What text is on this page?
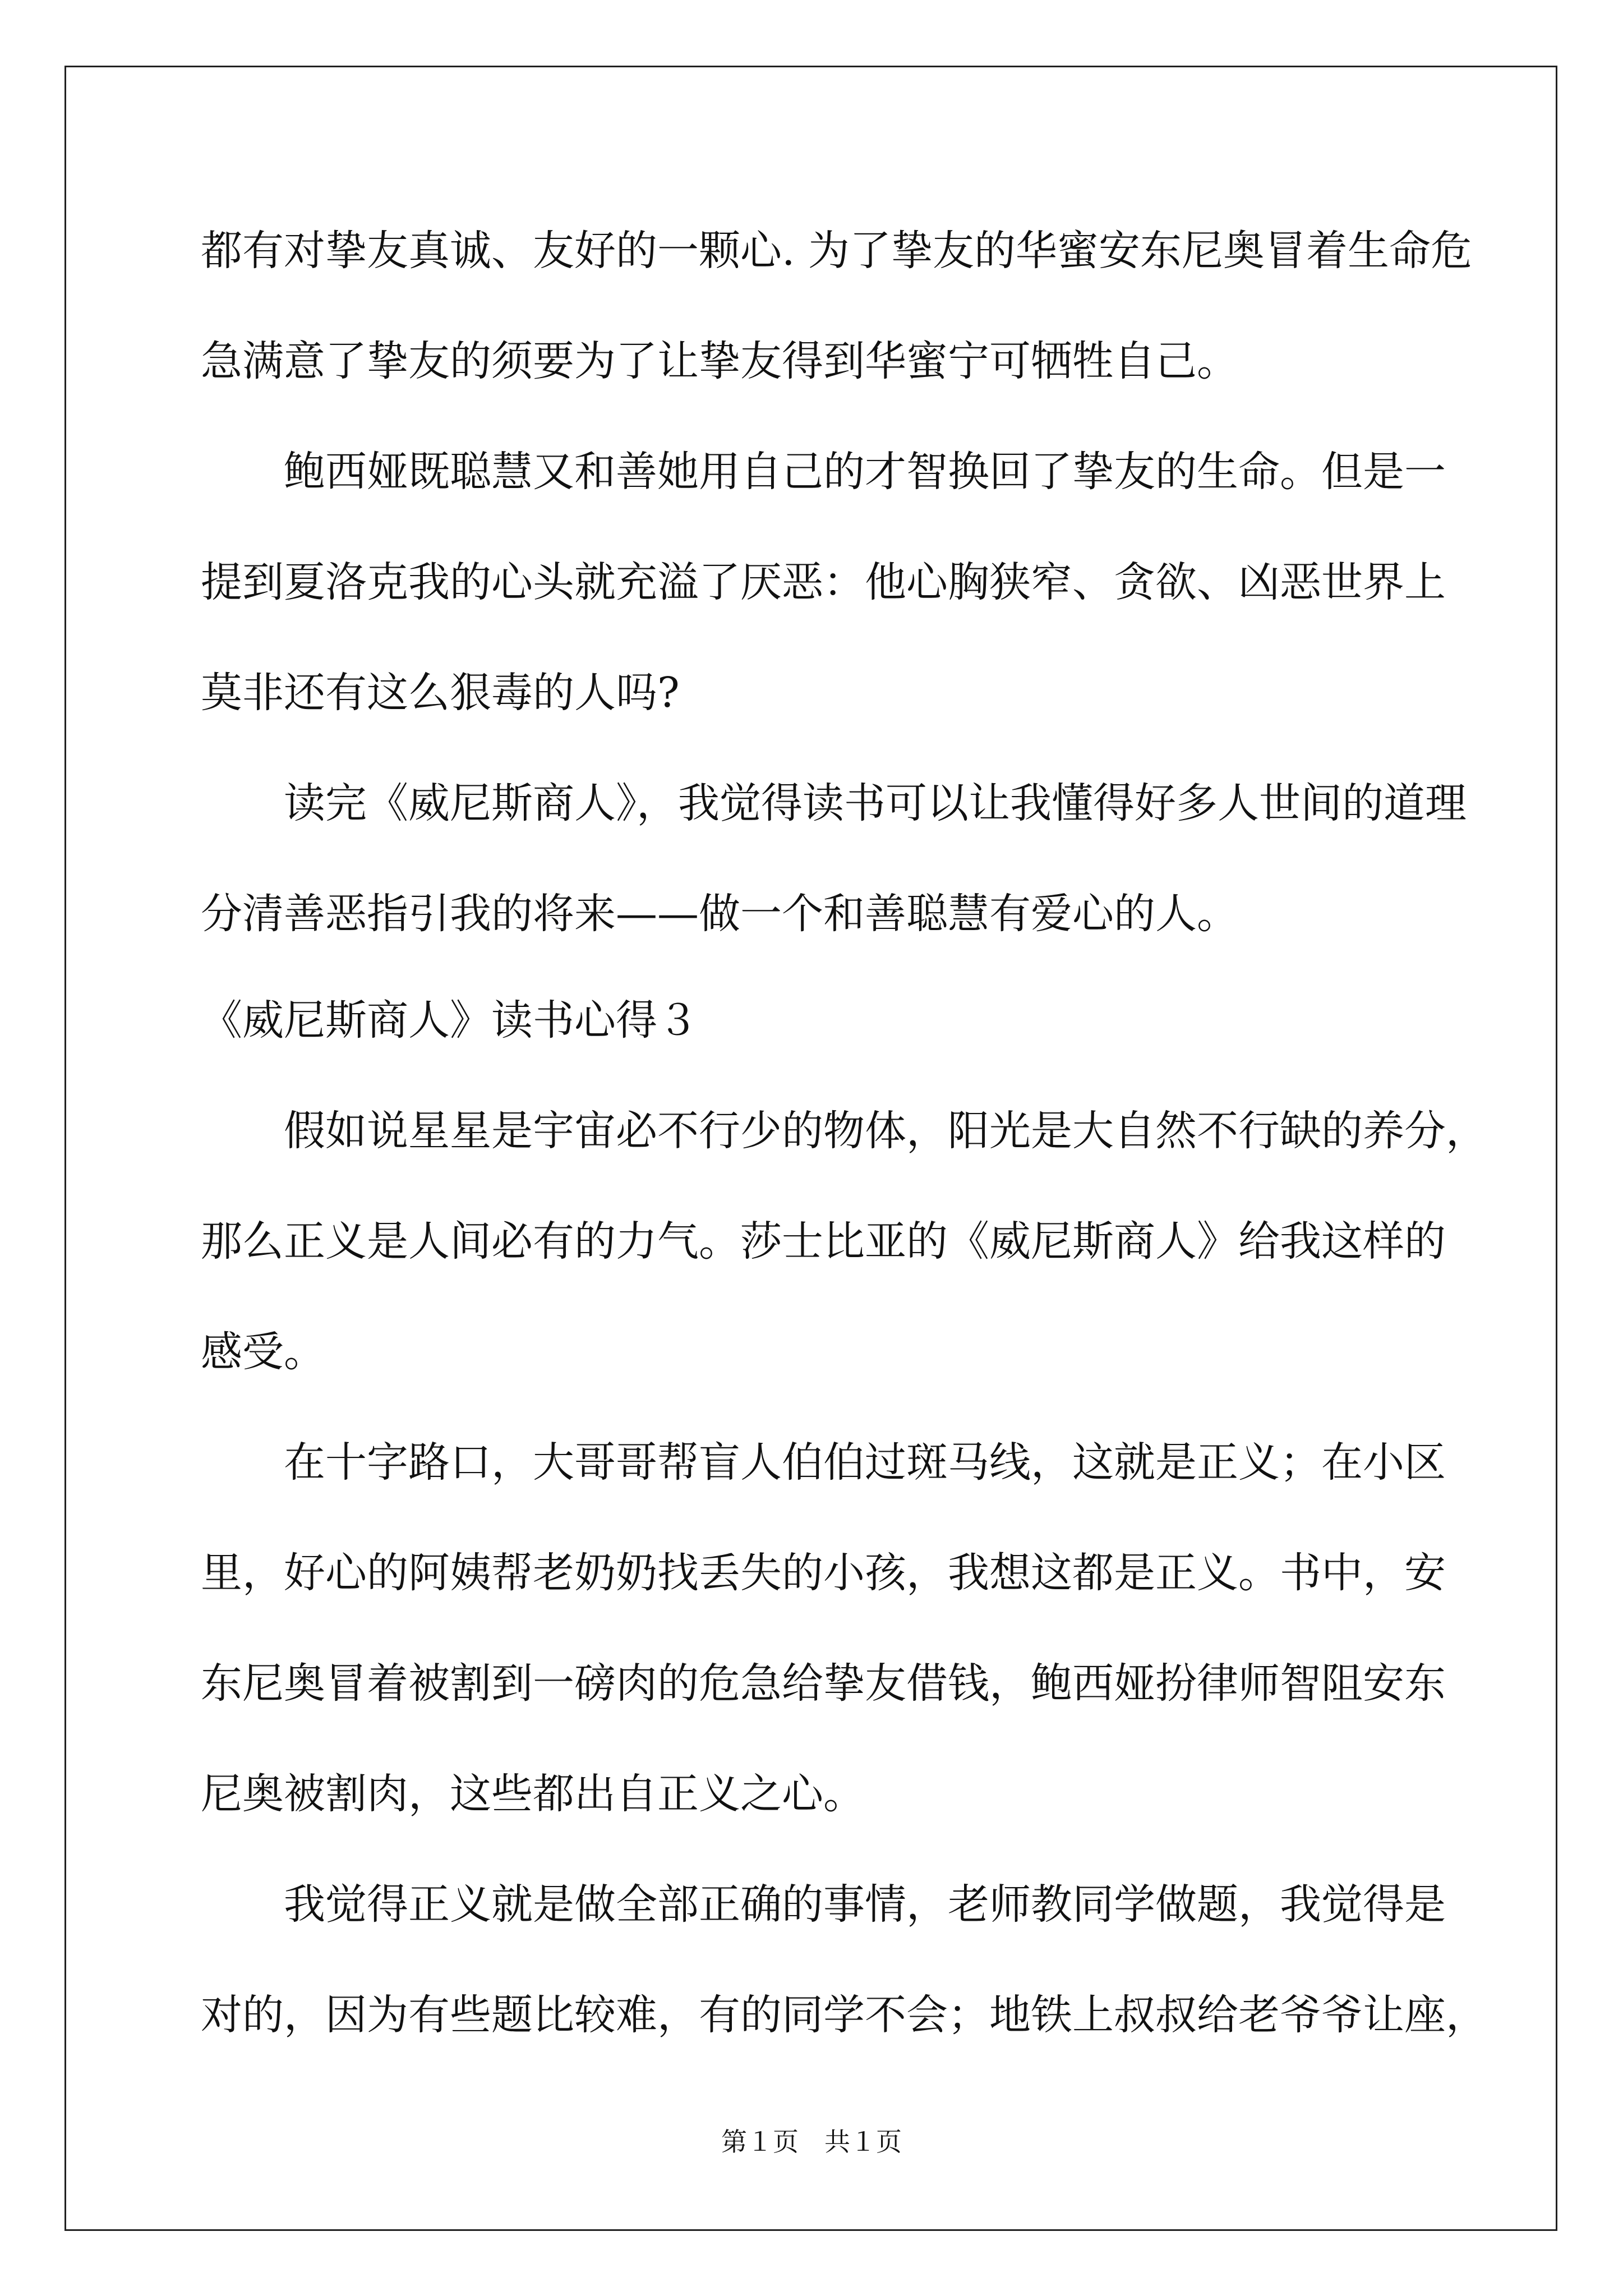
都有对挚友真诚、友好的一颗心. 为了挚友的华蜜安东尼奥冒着生命危
急满意了挚友的须要为了让挚友得到华蜜宁可牺牲自己。
　　鲍西娅既聪慧又和善她用自己的才智换回了挚友的生命。但是一
提到夏洛克我的心头就充溢了厌恶：他心胸狭窄、贪欲、凶恶世界上
莫非还有这么狠毒的人吗?
　　读完《威尼斯商人》，我觉得读书可以让我懂得好多人世间的道理
分清善恶指引我的将来——做一个和善聪慧有爱心的人。
《威尼斯商人》读书心得３
　　假如说星星是宇宙必不行少的物体，阳光是大自然不行缺的养分，
那么正义是人间必有的力气。莎士比亚的《威尼斯商人》给我这样的
感受。
　　在十字路口，大哥哥帮盲人伯伯过斑马线，这就是正义；在小区
里，好心的阿姨帮老奶奶找丢失的小孩，我想这都是正义。书中，安
东尼奥冒着被割到一磅肉的危急给挚友借钱，鲍西娅扮律师智阻安东
尼奥被割肉，这些都出自正义之心。
　　我觉得正义就是做全部正确的事情，老师教同学做题，我觉得是
对的，因为有些题比较难，有的同学不会；地铁上叔叔给老爷爷让座，
第１页　共１页
